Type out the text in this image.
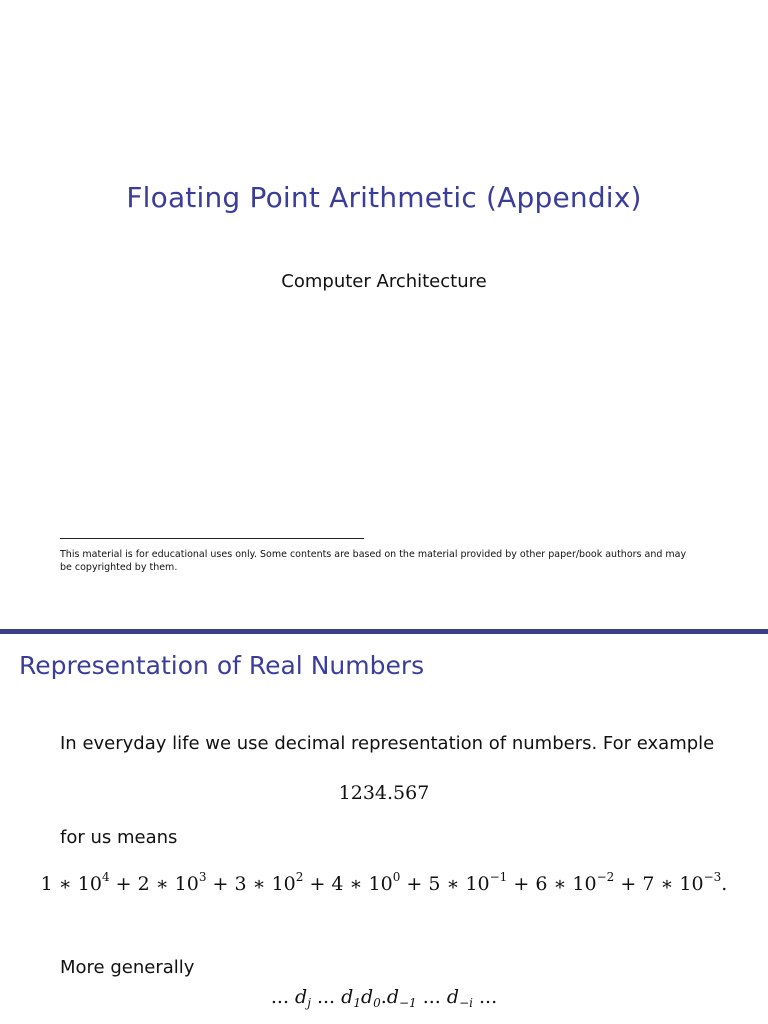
Floating Point Arithmetic (Appendix)
Computer Architecture
This material is for educational uses only. Some contents are based on the material provided by other paper/book authors and may
be copyrighted by them.
Representation of Real Numbers
In everyday life we use decimal representation of numbers. For example
1234.567
for us means
1 ∗ $10^4 + 2$ ∗ $10^3 + 3$ ∗ $10^2 + 4$ ∗ $10^0 + 5$ ∗ $10^{-1} + 6$ ∗ $10^{-2} + 7$ ∗ $10^{-3}$.
More generally
... $d_j$ ... $d_1d_0.d_{-1}$ ... $d_{-i}$ ...
